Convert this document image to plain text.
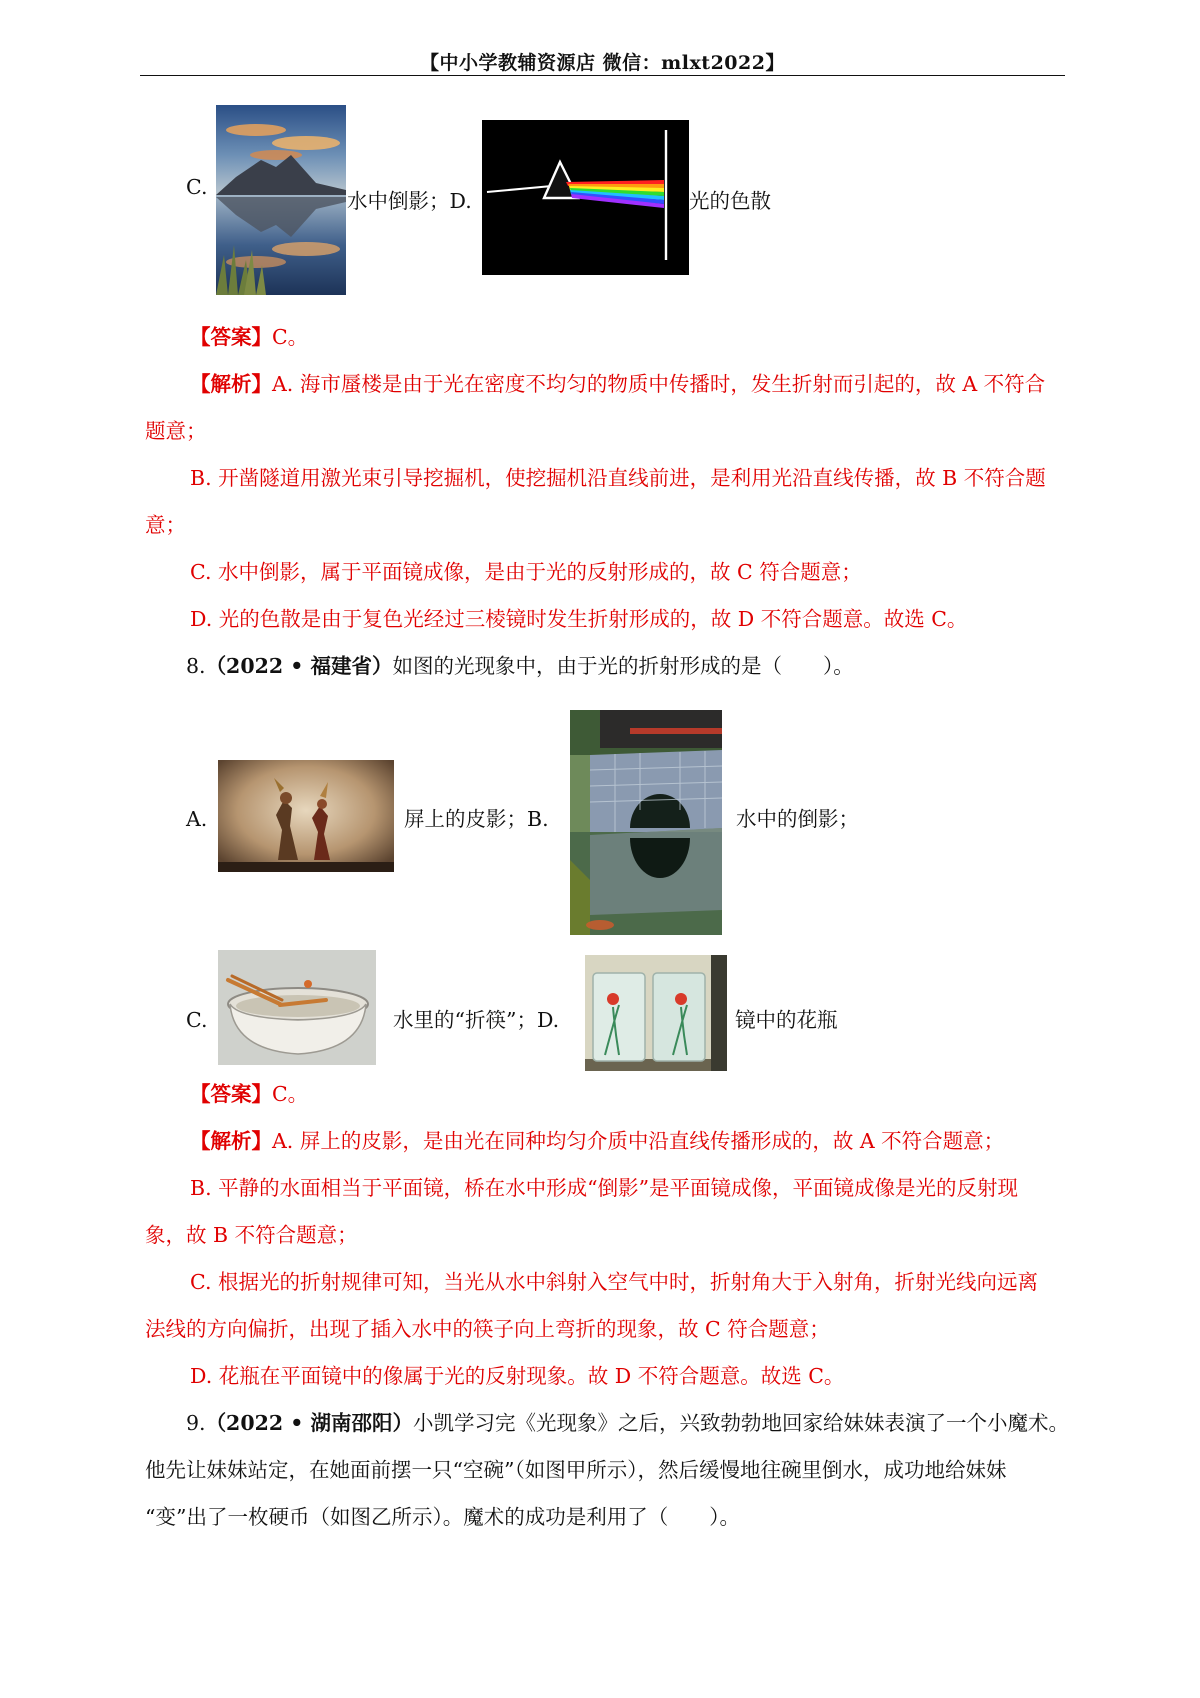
【中小学教辅资源店 微信：mlxt2022】
C.
水中倒影；D.	光的色散
【答案】C。
【解析】A. 海市蜃楼是由于光在密度不均匀的物质中传播时，发生折射而引起的，故 A 不符合
题意；
B. 开凿隧道用激光束引导挖掘机，使挖掘机沿直线前进，是利用光沿直线传播，故 B 不符合题
意；
C. 水中倒影，属于平面镜成像，是由于光的反射形成的，故 C 符合题意；
D. 光的色散是由于复色光经过三棱镜时发生折射形成的，故 D 不符合题意。故选 C。
8.（2022 • 福建省）如图的光现象中，由于光的折射形成的是（　　）。
A.	屏上的皮影；B.	水中的倒影；
C.	水里的“折筷”；D.	镜中的花瓶
【答案】C。
【解析】A. 屏上的皮影，是由光在同种均匀介质中沿直线传播形成的，故 A 不符合题意；
B. 平静的水面相当于平面镜，桥在水中形成“倒影”是平面镜成像，平面镜成像是光的反射现
象，故 B 不符合题意；
C. 根据光的折射规律可知，当光从水中斜射入空气中时，折射角大于入射角，折射光线向远离
法线的方向偏折，出现了插入水中的筷子向上弯折的现象，故 C 符合题意；
D. 花瓶在平面镜中的像属于光的反射现象。故 D 不符合题意。故选 C。
9.（2022 • 湖南邵阳）小凯学习完《光现象》之后，兴致勃勃地回家给妹妹表演了一个小魔术。
他先让妹妹站定，在她面前摆一只“空碗”（如图甲所示），然后缓慢地往碗里倒水，成功地给妹妹
“变”出了一枚硬币（如图乙所示）。魔术的成功是利用了（　　）。
